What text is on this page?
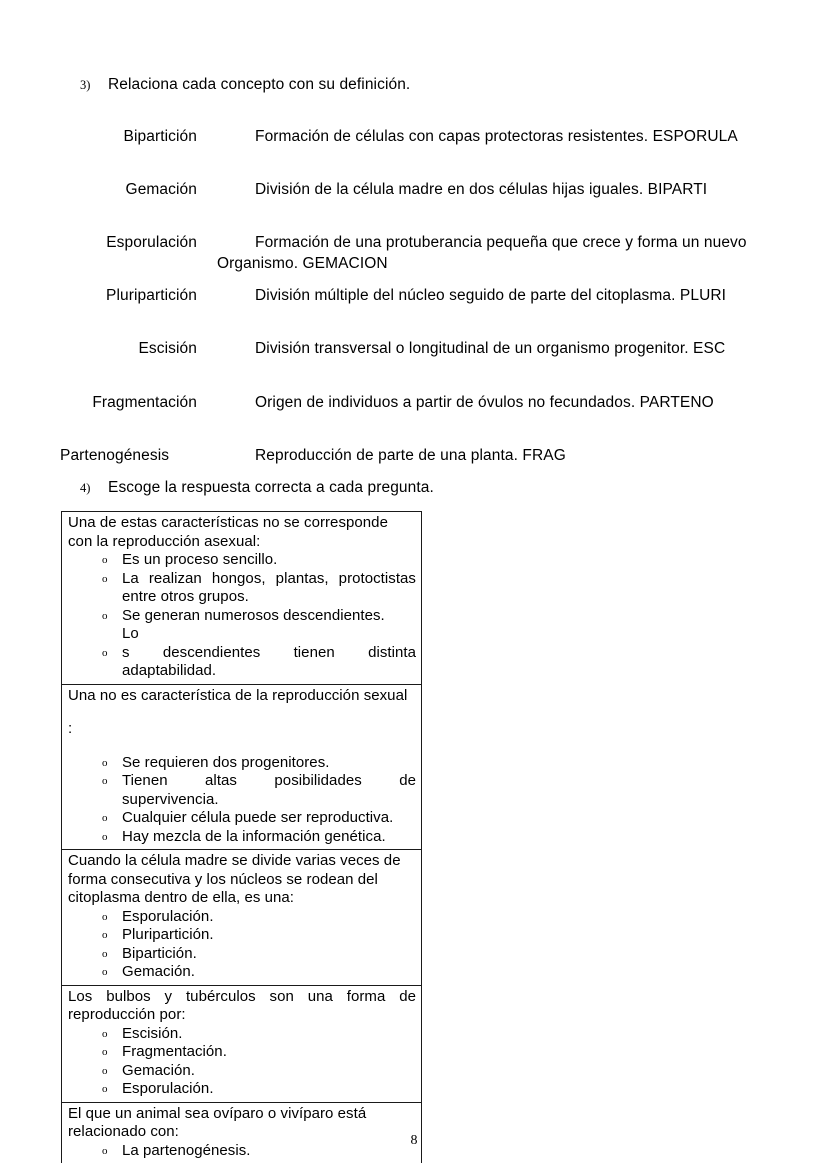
3)	Relaciona cada concepto con su definición.
Bipartición	Formación de células con capas protectoras resistentes. ESPORULA
Gemación	División de la célula madre en dos células hijas iguales. BIPARTI
Esporulación	Formación de una protuberancia pequeña que crece y forma un nuevo
Organismo. GEMACION
Pluripartición	División múltiple del núcleo seguido de parte del citoplasma. PLURI
Escisión	División transversal o longitudinal de un organismo progenitor. ESC
Fragmentación	Origen de individuos a partir de óvulos no fecundados. PARTENO
Partenogénesis	Reproducción de parte de una planta. FRAG
4)	Escoge la respuesta correcta a cada pregunta.

Una de estas características no se corresponde

con la reproducción asexual:

o Es un proceso sencillo.
o La realizan hongos, plantas, protoctistas entre otros grupos.
o Se generan numerosos descendientes.
Lo
o s descendientes tienen distinta adaptabilidad.

Una no es característica de la reproducción sexual

:

o Se requieren dos progenitores.
o Tienen altas posibilidades de supervivencia.
o Cualquier célula puede ser reproductiva.
o Hay mezcla de la información genética.

Cuando la célula madre se divide varias veces de

forma consecutiva y los núcleos se rodean del

citoplasma dentro de ella, es una:

o Esporulación.
o Pluripartición.
o Bipartición.
o Gemación.

Los bulbos y tubérculos son una forma de reproducción por:

o Escisión.
o Fragmentación.
o Gemación.
o Esporulación.

El que un animal sea ovíparo o vivíparo está

relacionado con:

o La partenogénesis.
8
